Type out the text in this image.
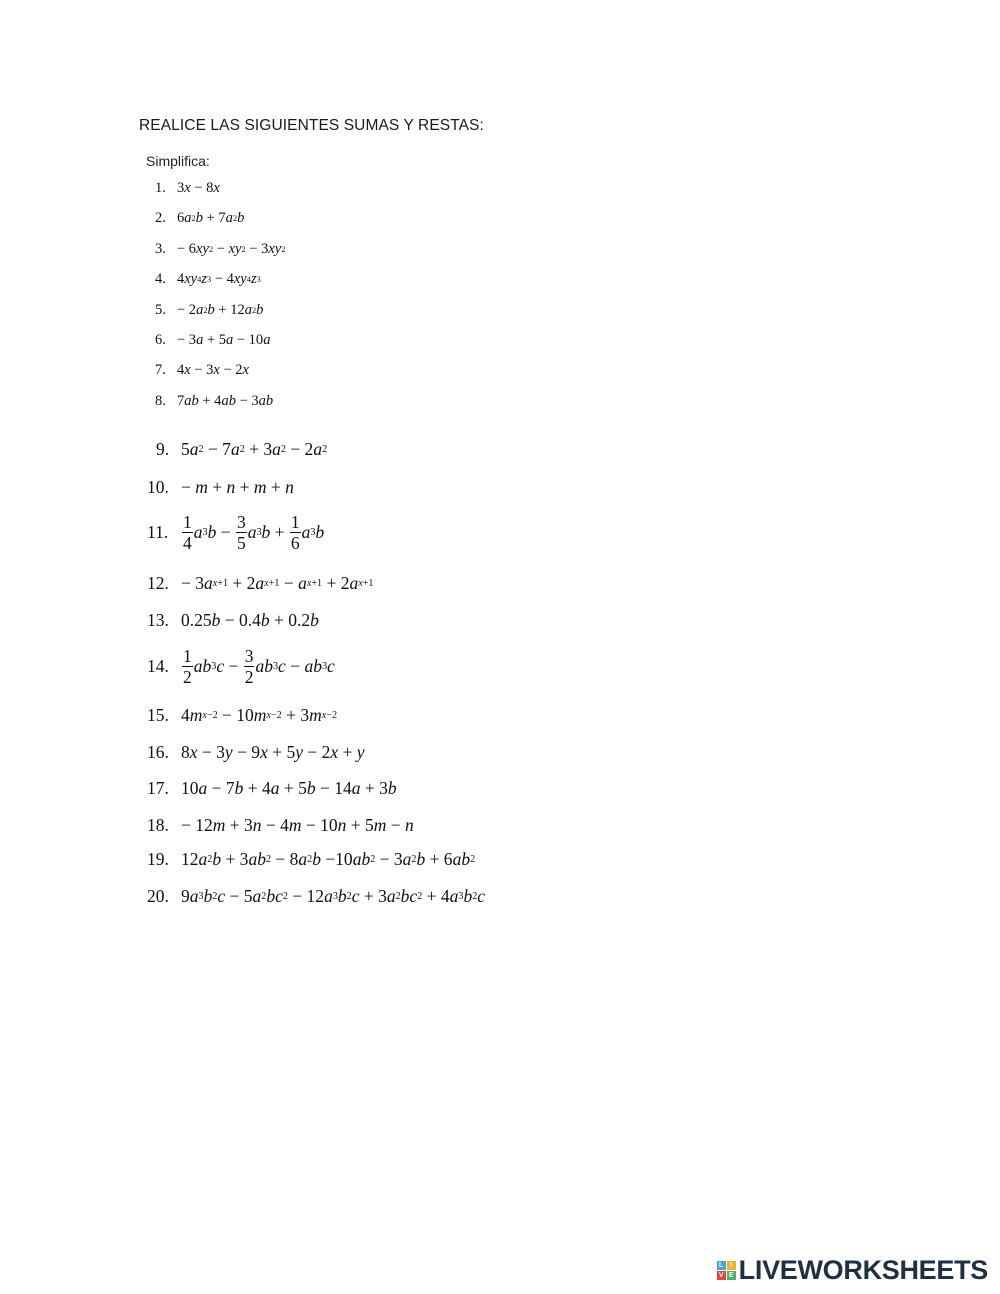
REALICE LAS SIGUIENTES SUMAS Y RESTAS:
Simplifica:
1. 3 x − 8 x
2. 6 a 2 b + 7 a 2 b
3. − 6 xy 2 − xy 2 − 3 xy 2
4. 4 xy 4 z 3 − 4 xy 4 z 3
5. − 2 a 2 b + 12 a 2 b
6. − 3 a + 5 a − 10 a
7. 4 x − 3 x − 2 x
8. 7 ab + 4 ab − 3 ab
9. 5 a 2 − 7 a 2 + 3 a 2 − 2 a 2
10. − m + n + m + n
11. $\frac{1}{4}$ a 3 $b - \frac{3}{5}$ a 3 $b + \frac{1}{6}$ a 3 b
12. − 3 a x+1 + 2 a x+1 − a x+1 + 2 a x+1
13. 0.25 b − 0.4 b + 0.2 b
14. $\frac{1}{2}$ ab 3 $c - \frac{3}{2}$ ab 3 c − ab 3 c
15. 4 m x−2 − 10 m x−2 + 3 m x−2
16. 8 x − 3 y − 9 x + 5 y − 2 x + y
17. 10 a − 7 b + 4 a + 5 b − 14 a + 3 b
18. − 12 m + 3 n − 4 m − 10 n + 5 m − n
19. 12 a 2 b + 3 ab 2 − 8 a 2 b −10 ab 2 − 3 a 2 b + 6 ab 2
20. 9 a 3 b 2 c − 5 a 2 bc 2 − 12 a 3 b 2 c + 3 a 2 bc 2 + 4 a 3 b 2 c
L I
V E LIVEWORKSHEETS
